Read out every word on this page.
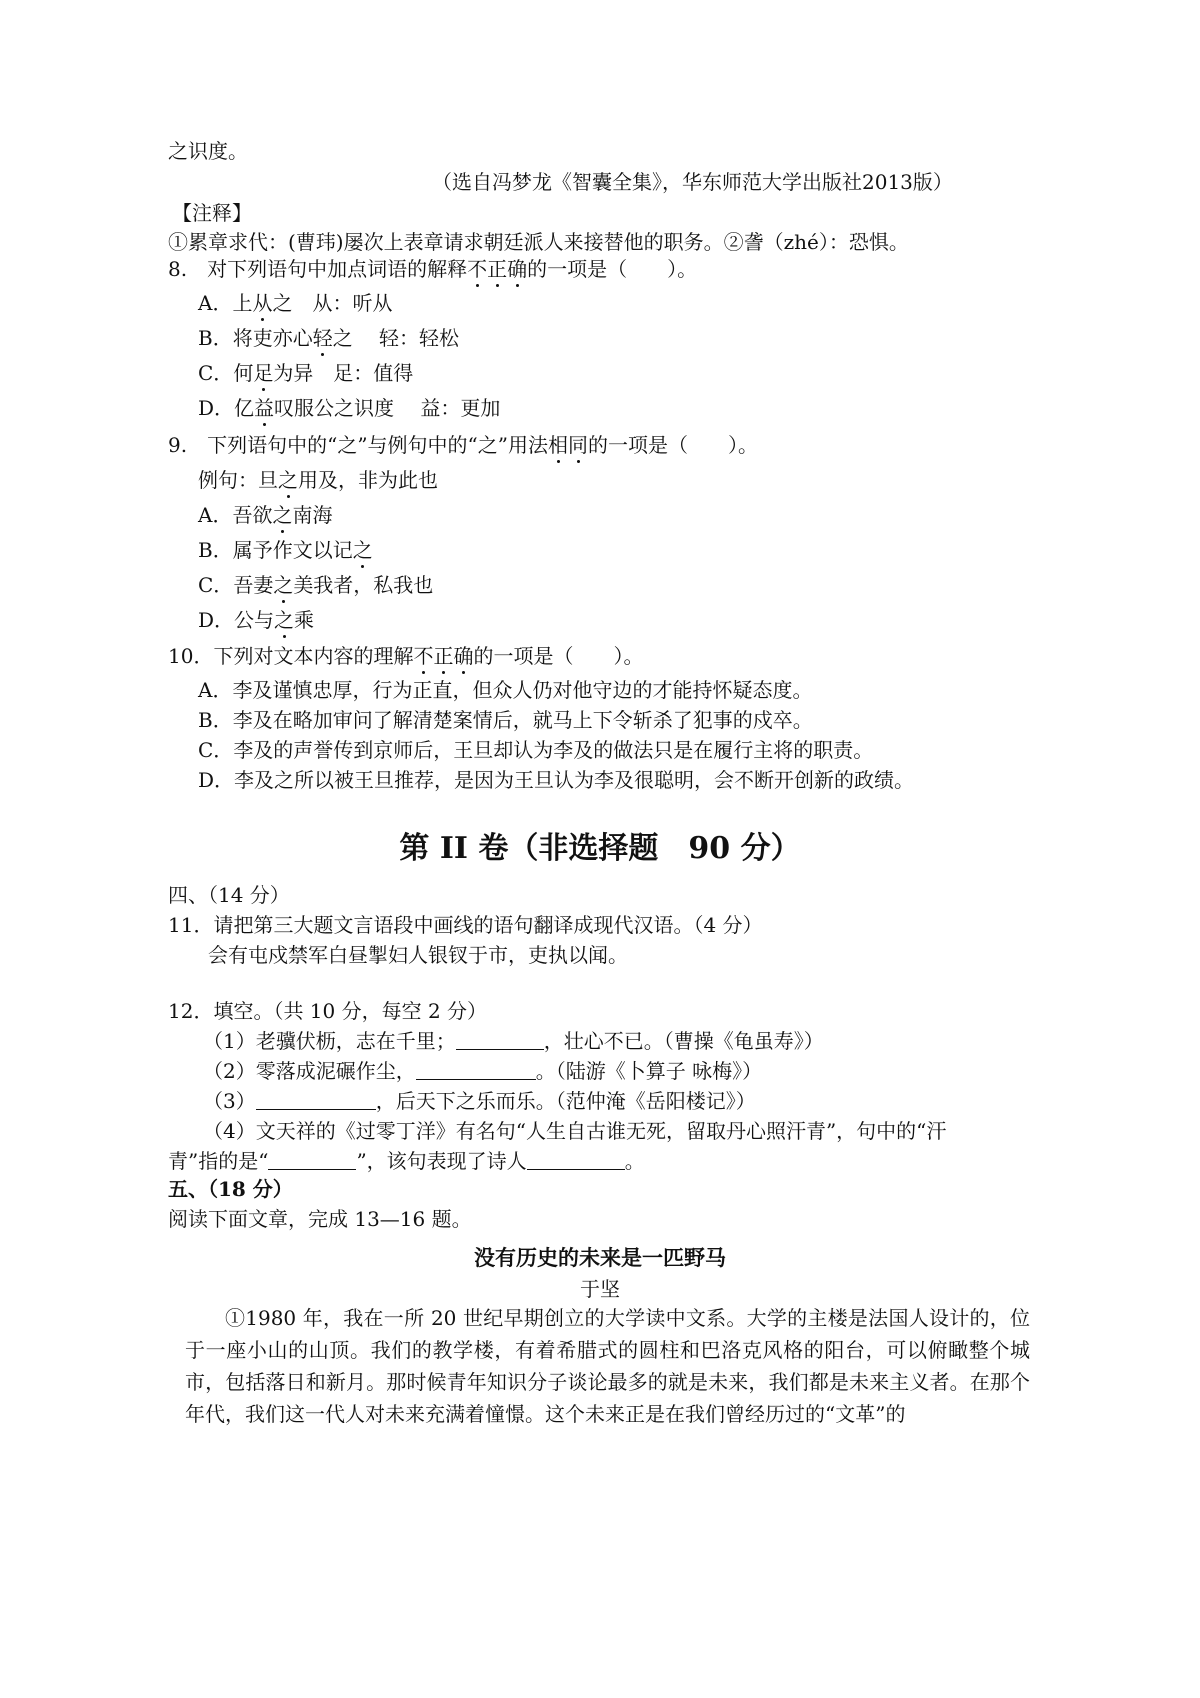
之识度。
（选自冯梦龙《智囊全集》，华东师范大学出版社2013版）
【注释】
①累章求代：(曹玮)屡次上表章请求朝廷派人来接替他的职务。②詟（zhé）：恐惧。
8.　 对下列语句中加点词语的解释不正确的一项是（　　）。
A．上从之　从：听从
B．将吏亦心轻之　 轻：轻松
C．何足为异　足：值得
D．亿益叹服公之识度　 益：更加
9.　 下列语句中的“之”与例句中的“之”用法相同的一项是（　　）。
例句：旦之用及，非为此也
A．吾欲之南海
B．属予作文以记之
C．吾妻之美我者，私我也
D．公与之乘
10．下列对文本内容的理解不正确的一项是（　　）。
A．李及谨慎忠厚，行为正直，但众人仍对他守边的才能持怀疑态度。
B．李及在略加审问了解清楚案情后，就马上下令斩杀了犯事的戍卒。
C．李及的声誉传到京师后，王旦却认为李及的做法只是在履行主将的职责。
D．李及之所以被王旦推荐，是因为王旦认为李及很聪明，会不断开创新的政绩。
第 II 卷（非选择题　90 分）
四、（14 分）
11．请把第三大题文言语段中画线的语句翻译成现代汉语。（4 分）
会有屯戍禁军白昼掣妇人银钗于市，吏执以闻。
12．填空。（共 10 分，每空 2 分）
（1）老骥伏枥，志在千里；	，壮心不已。（曹操《龟虽寿》）
（2）零落成泥碾作尘，	。（陆游《卜算子 咏梅》）
（3）	，后天下之乐而乐。（范仲淹《岳阳楼记》）
（4）文天祥的《过零丁洋》有名句“人生自古谁无死，留取丹心照汗青”，句中的“汗
青”指的是“	”，该句表现了诗人	。
五、（18 分）
阅读下面文章，完成 13—16 题。
没有历史的未来是一匹野马
于坚
①1980 年，我在一所 20 世纪早期创立的大学读中文系。大学的主楼是法国人设计的，位于一座小山的山顶。我们的教学楼，有着希腊式的圆柱和巴洛克风格的阳台，可以俯瞰整个城市，包括落日和新月。那时候青年知识分子谈论最多的就是未来，我们都是未来主义者。在那个年代，我们这一代人对未来充满着憧憬。这个未来正是在我们曾经历过的“文革”的
